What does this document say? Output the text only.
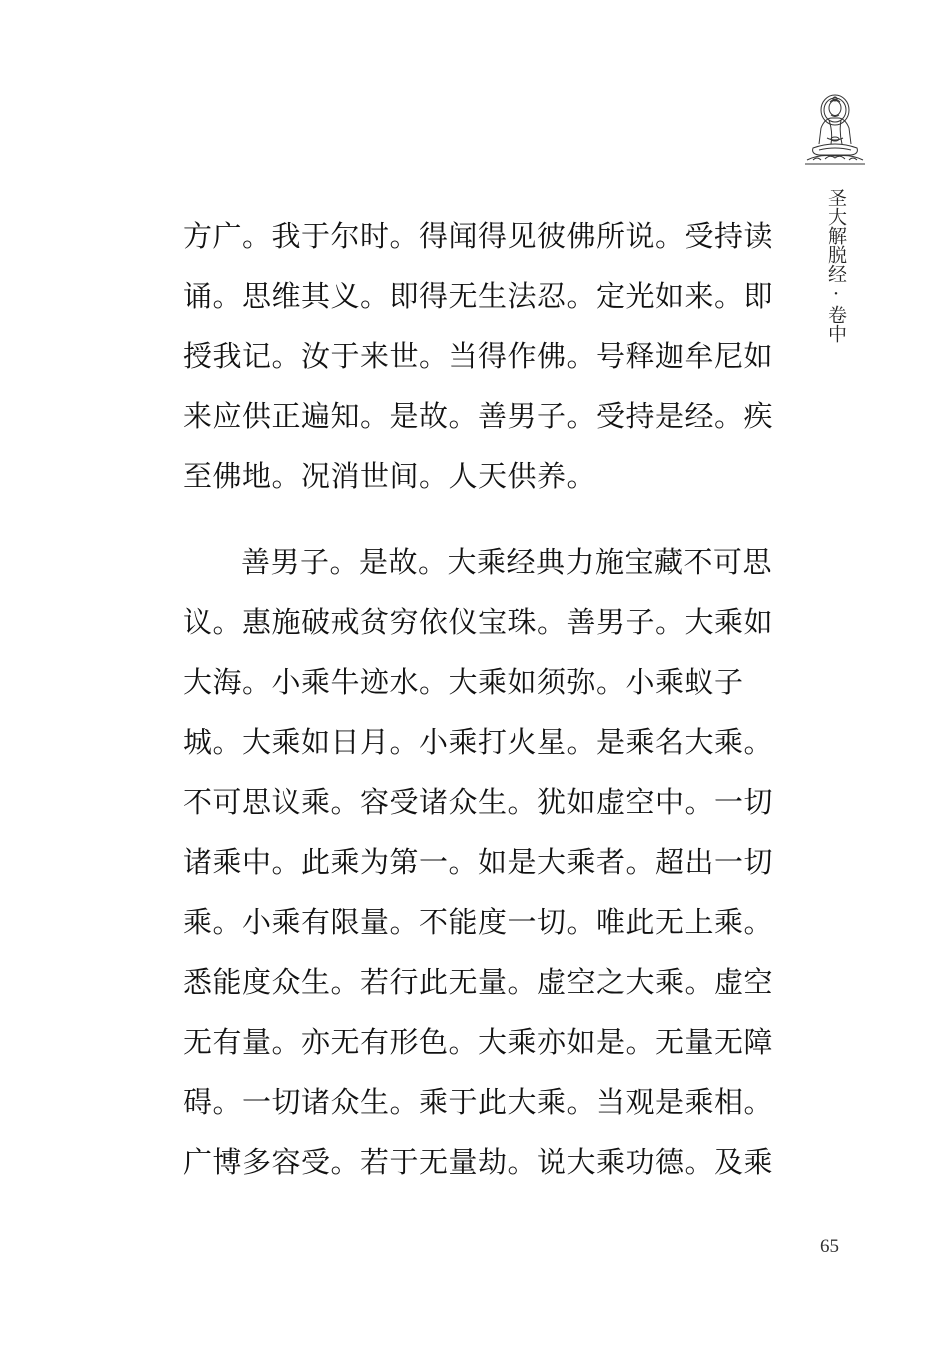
圣大解脱经·卷中
方广。我于尔时。得闻得见彼佛所说。受持读
诵。思维其义。即得无生法忍。定光如来。即
授我记。汝于来世。当得作佛。号释迦牟尼如
来应供正遍知。是故。善男子。受持是经。疾
至佛地。况消世间。人天供养。
善男子。是故。大乘经典力施宝藏不可思
议。惠施破戒贫穷依仪宝珠。善男子。大乘如
大海。小乘牛迹水。大乘如须弥。小乘蚁子
城。大乘如日月。小乘打火星。是乘名大乘。
不可思议乘。容受诸众生。犹如虚空中。一切
诸乘中。此乘为第一。如是大乘者。超出一切
乘。小乘有限量。不能度一切。唯此无上乘。
悉能度众生。若行此无量。虚空之大乘。虚空
无有量。亦无有形色。大乘亦如是。无量无障
碍。一切诸众生。乘于此大乘。当观是乘相。
广博多容受。若于无量劫。说大乘功德。及乘
65
